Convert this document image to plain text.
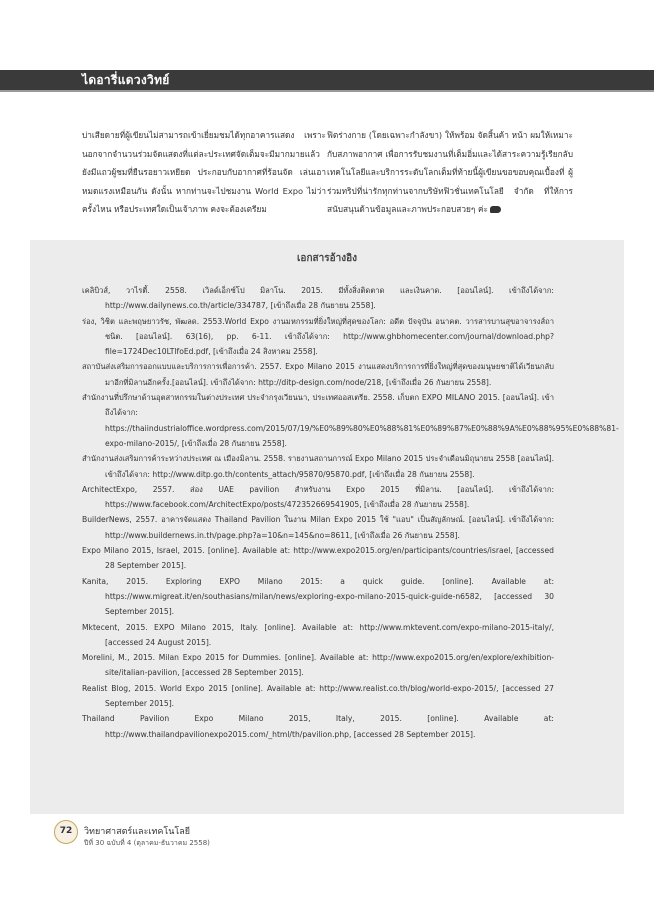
ไดอารี่แดวงวิทย์

บ่าเสียดายที่ผู้เขียนไม่สามารถเข้าเยี่ยมชมได้ทุกอาคารแสดง เพราะนอกจากจำนวนร่วมจัดแสดงที่แต่ละประเทศจัดเต็มจะมีมากมายแล้ว ยังมีแถวผู้ชมที่ยืนรอยาวเหยียด ประกอบกับอากาศที่ร้อนจัด เล่นเอาหมดแรงเหมือนกัน ดังนั้น หากท่านจะไปชมงาน World Expo ไม่ว่าครั้งไหน หรือประเทศใดเป็นเจ้าภาพ คงจะต้องเตรียม

ฟิตร่างกาย (โดยเฉพาะกำลังขา) ให้พร้อม จัดสิ้นค้า หน้า ผมให้เหมาะกับสภาพอากาศ เพื่อการรับชมงานที่เต็มอิ่มและได้สาระความรู้เรียกลับเทคโนโลยีและบริการระดับโลกเต็มที่ท้ายนี้ผู้เขียนขอขอบคุณเบื้องที่ ผู้ร่วมทริปที่น่ารักทุกท่านจากบริษัทฟิวชั่นเทคโนโลยี จำกัด ที่ให้การสนับสนุนด้านข้อมูลและภาพประกอบสวยๆ ค่ะ

เอกสารอ้างอิง
เคลิบิวส์, วาไรตี้. 2558. เวิลด์เอ็กซ์โป มิลาโน. 2015. มีทั้งสิ่งติดตาด และเงินคาด. [ออนไลน์]. เข้าถึงได้จาก: http://www.dailynews.co.th/article/334787, [เข้าถึงเมื่อ 28 กันยายน 2558].
ร่อง, วิชิต และพฤษยาวรัช, พัฒลด. 2553.World Expo งานมหกรรมที่ยิ่งใหญ่ที่สุดของโลก: อดีต ปัจจุบัน อนาคต. วารสารบานสุขอาจารงส์ถาชนิต. [ออนไลน์]. 63(16), pp. 6-11. เข้าถึงได้จาก: http://www.ghbhomecenter.com/journal/download.php?file=1724Dec10LTlfoEd.pdf, [เข้าถึงเมื่อ 24 สิงหาคม 2558].
สถาบันส่งเสริมการออกแบบและบริการการเพื่อการค้า. 2557. Expo Milano 2015 งานแสดงบริการการที่ยิ่งใหญ่ที่สุดของมนุษยชาติได้เวียนกลับมาอีกที่มิลานอีกครั้ง.[ออนไลน์]. เข้าถึงได้จาก: http://ditp-design.com/node/218, [เข้าถึงเมื่อ 26 กันยายน 2558].
สำนักงานที่ปรึกษาด้านอุตสาหกรรมในต่างประเทศ ประจำกรุงเวียนนา, ประเทศออสเตรีย. 2558. เก็บตก EXPO MILANO 2015. [ออนไลน์]. เข้าถึงได้จาก: https://thaiindustrialoffice.wordpress.com/2015/07/19/%E0%89%80%E0%88%81%E0%89%87%E0%88%9A%E0%88%95%E0%88%81-expo-milano-2015/, [เข้าถึงเมื่อ 28 กันยายน 2558].
สำนักงานส่งเสริมการค้าระหว่างประเทศ ณ เมืองมิลาน. 2558. รายงานสถานการณ์ Expo Milano 2015 ประจำเดือนมิถุนายน 2558 [ออนไลน์]. เข้าถึงได้จาก: http://www.ditp.go.th/contents_attach/95870/95870.pdf, [เข้าถึงเมื่อ 28 กันยายน 2558].
ArchitectExpo, 2557. ส่อง UAE pavilion สำหรับงาน Expo 2015 ที่มิลาน. [ออนไลน์]. เข้าถึงได้จาก: https://www.facebook.com/ArchitectExpo/posts/472352669541905, [เข้าถึงเมื่อ 28 กันยายน 2558].
BuilderNews, 2557. อาคารจัดแสดง Thailand Pavilion ในงาน Milan Expo 2015 ใช้ "แอบ" เป็นสัญลักษณ์. [ออนไลน์]. เข้าถึงได้จาก: http://www.buildernews.in.th/page.php?a=10&n=145&no=8611, [เข้าถึงเมื่อ 26 กันยายน 2558].
Expo Milano 2015, Israel, 2015. [online]. Available at: http://www.expo2015.org/en/participants/countries/israel, [accessed 28 September 2015].
Kanita, 2015. Exploring EXPO Milano 2015: a quick guide. [online]. Available at: https://www.migreat.it/en/southasians/milan/news/exploring-expo-milano-2015-quick-guide-n6582, [accessed 30 September 2015].
Mktecent, 2015. EXPO Milano 2015, Italy. [online]. Available at: http://www.mktevent.com/expo-milano-2015-italy/, [accessed 24 August 2015].
Morelini, M., 2015. Milan Expo 2015 for Dummies. [online]. Available at: http://www.expo2015.org/en/explore/exhibition-site/italian-pavilion, [accessed 28 September 2015].
Realist Blog, 2015. World Expo 2015 [online]. Available at: http://www.realist.co.th/blog/world-expo-2015/, [accessed 27 September 2015].
Thailand Pavilion Expo Milano 2015, Italy, 2015. [online]. Available at: http://www.thailandpavilionexpo2015.com/_html/th/pavilion.php, [accessed 28 September 2015].
72	วิทยาศาสตร์และเทคโนโลยี
ปีที่ 30 ฉบับที่ 4 (ตุลาคม-ธันวาคม 2558)
